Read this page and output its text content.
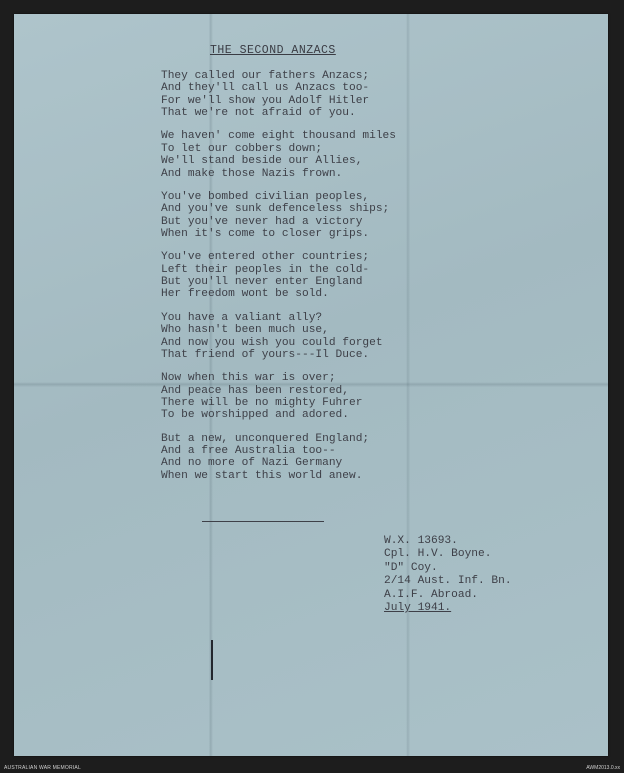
THE SECOND ANZACS
They called our fathers Anzacs;
And they'll call us Anzacs too-
For we'll show you Adolf Hitler
That we're not afraid of you.
We haven' come eight thousand miles
To let our cobbers down;
We'll stand beside our Allies,
And make those Nazis frown.
You've bombed civilian peoples,
And you've sunk defenceless ships;
But you've never had a victory
When it's come to closer grips.
You've entered other countries;
Left their peoples in the cold-
But you'll never enter England
Her freedom wont be sold.
You have a valiant ally?
Who hasn't been much use,
And now you wish you could forget
That friend of yours---Il Duce.
Now when this war is over;
And peace has been restored,
There will be no mighty Fuhrer
To be worshipped and adored.
But a new, unconquered England;
And a free Australia too--
And no more of Nazi Germany
When we start this world anew.
W.X. 13693.
Cpl. H.V. Boyne.
"D" Coy.
2/14 Aust. Inf. Bn.
A.I.F. Abroad.
July 1941.
AUSTRALIAN WAR MEMORIAL	AWM2013.0.xx
